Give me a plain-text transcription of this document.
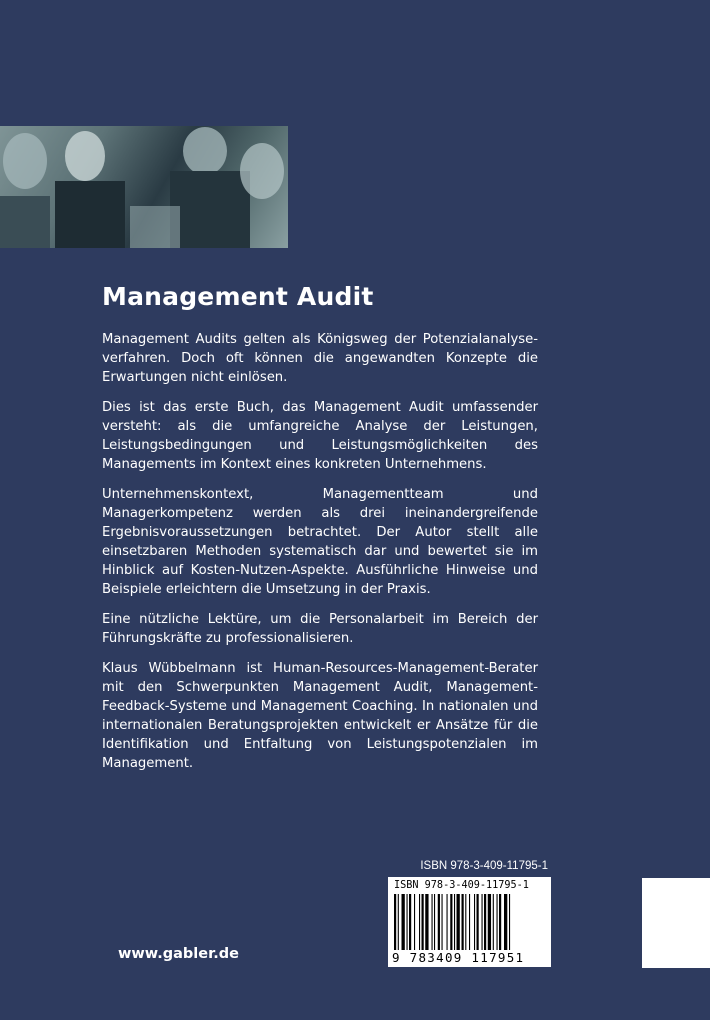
Management Audit

Management Audits gelten als Königsweg der Potenzialanalyse-verfahren. Doch oft können die angewandten Konzepte die Erwartungen nicht einlösen.

Dies ist das erste Buch, das Management Audit umfassender versteht: als die umfangreiche Analyse der Leistungen, Leistungsbedingungen und Leistungsmöglichkeiten des Managements im Kontext eines konkreten Unternehmens.

Unternehmenskontext, Managementteam und Managerkompetenz werden als drei ineinandergreifende Ergebnisvoraussetzungen betrachtet. Der Autor stellt alle einsetzbaren Methoden systematisch dar und bewertet sie im Hinblick auf Kosten-Nutzen-Aspekte. Ausführliche Hinweise und Beispiele erleichtern die Umsetzung in der Praxis.

Eine nützliche Lektüre, um die Personalarbeit im Bereich der Führungskräfte zu professionalisieren.

Klaus Wübbelmann ist Human-Resources-Management-Berater mit den Schwerpunkten Management Audit, Management-Feedback-Systeme und Management Coaching. In nationalen und internationalen Beratungsprojekten entwickelt er Ansätze für die Identifikation und Entfaltung von Leistungspotenzialen im Management.

ISBN 978-3-409-11795-1
ISBN 978-3-409-11795-1
9 783409 117951
www.gabler.de
